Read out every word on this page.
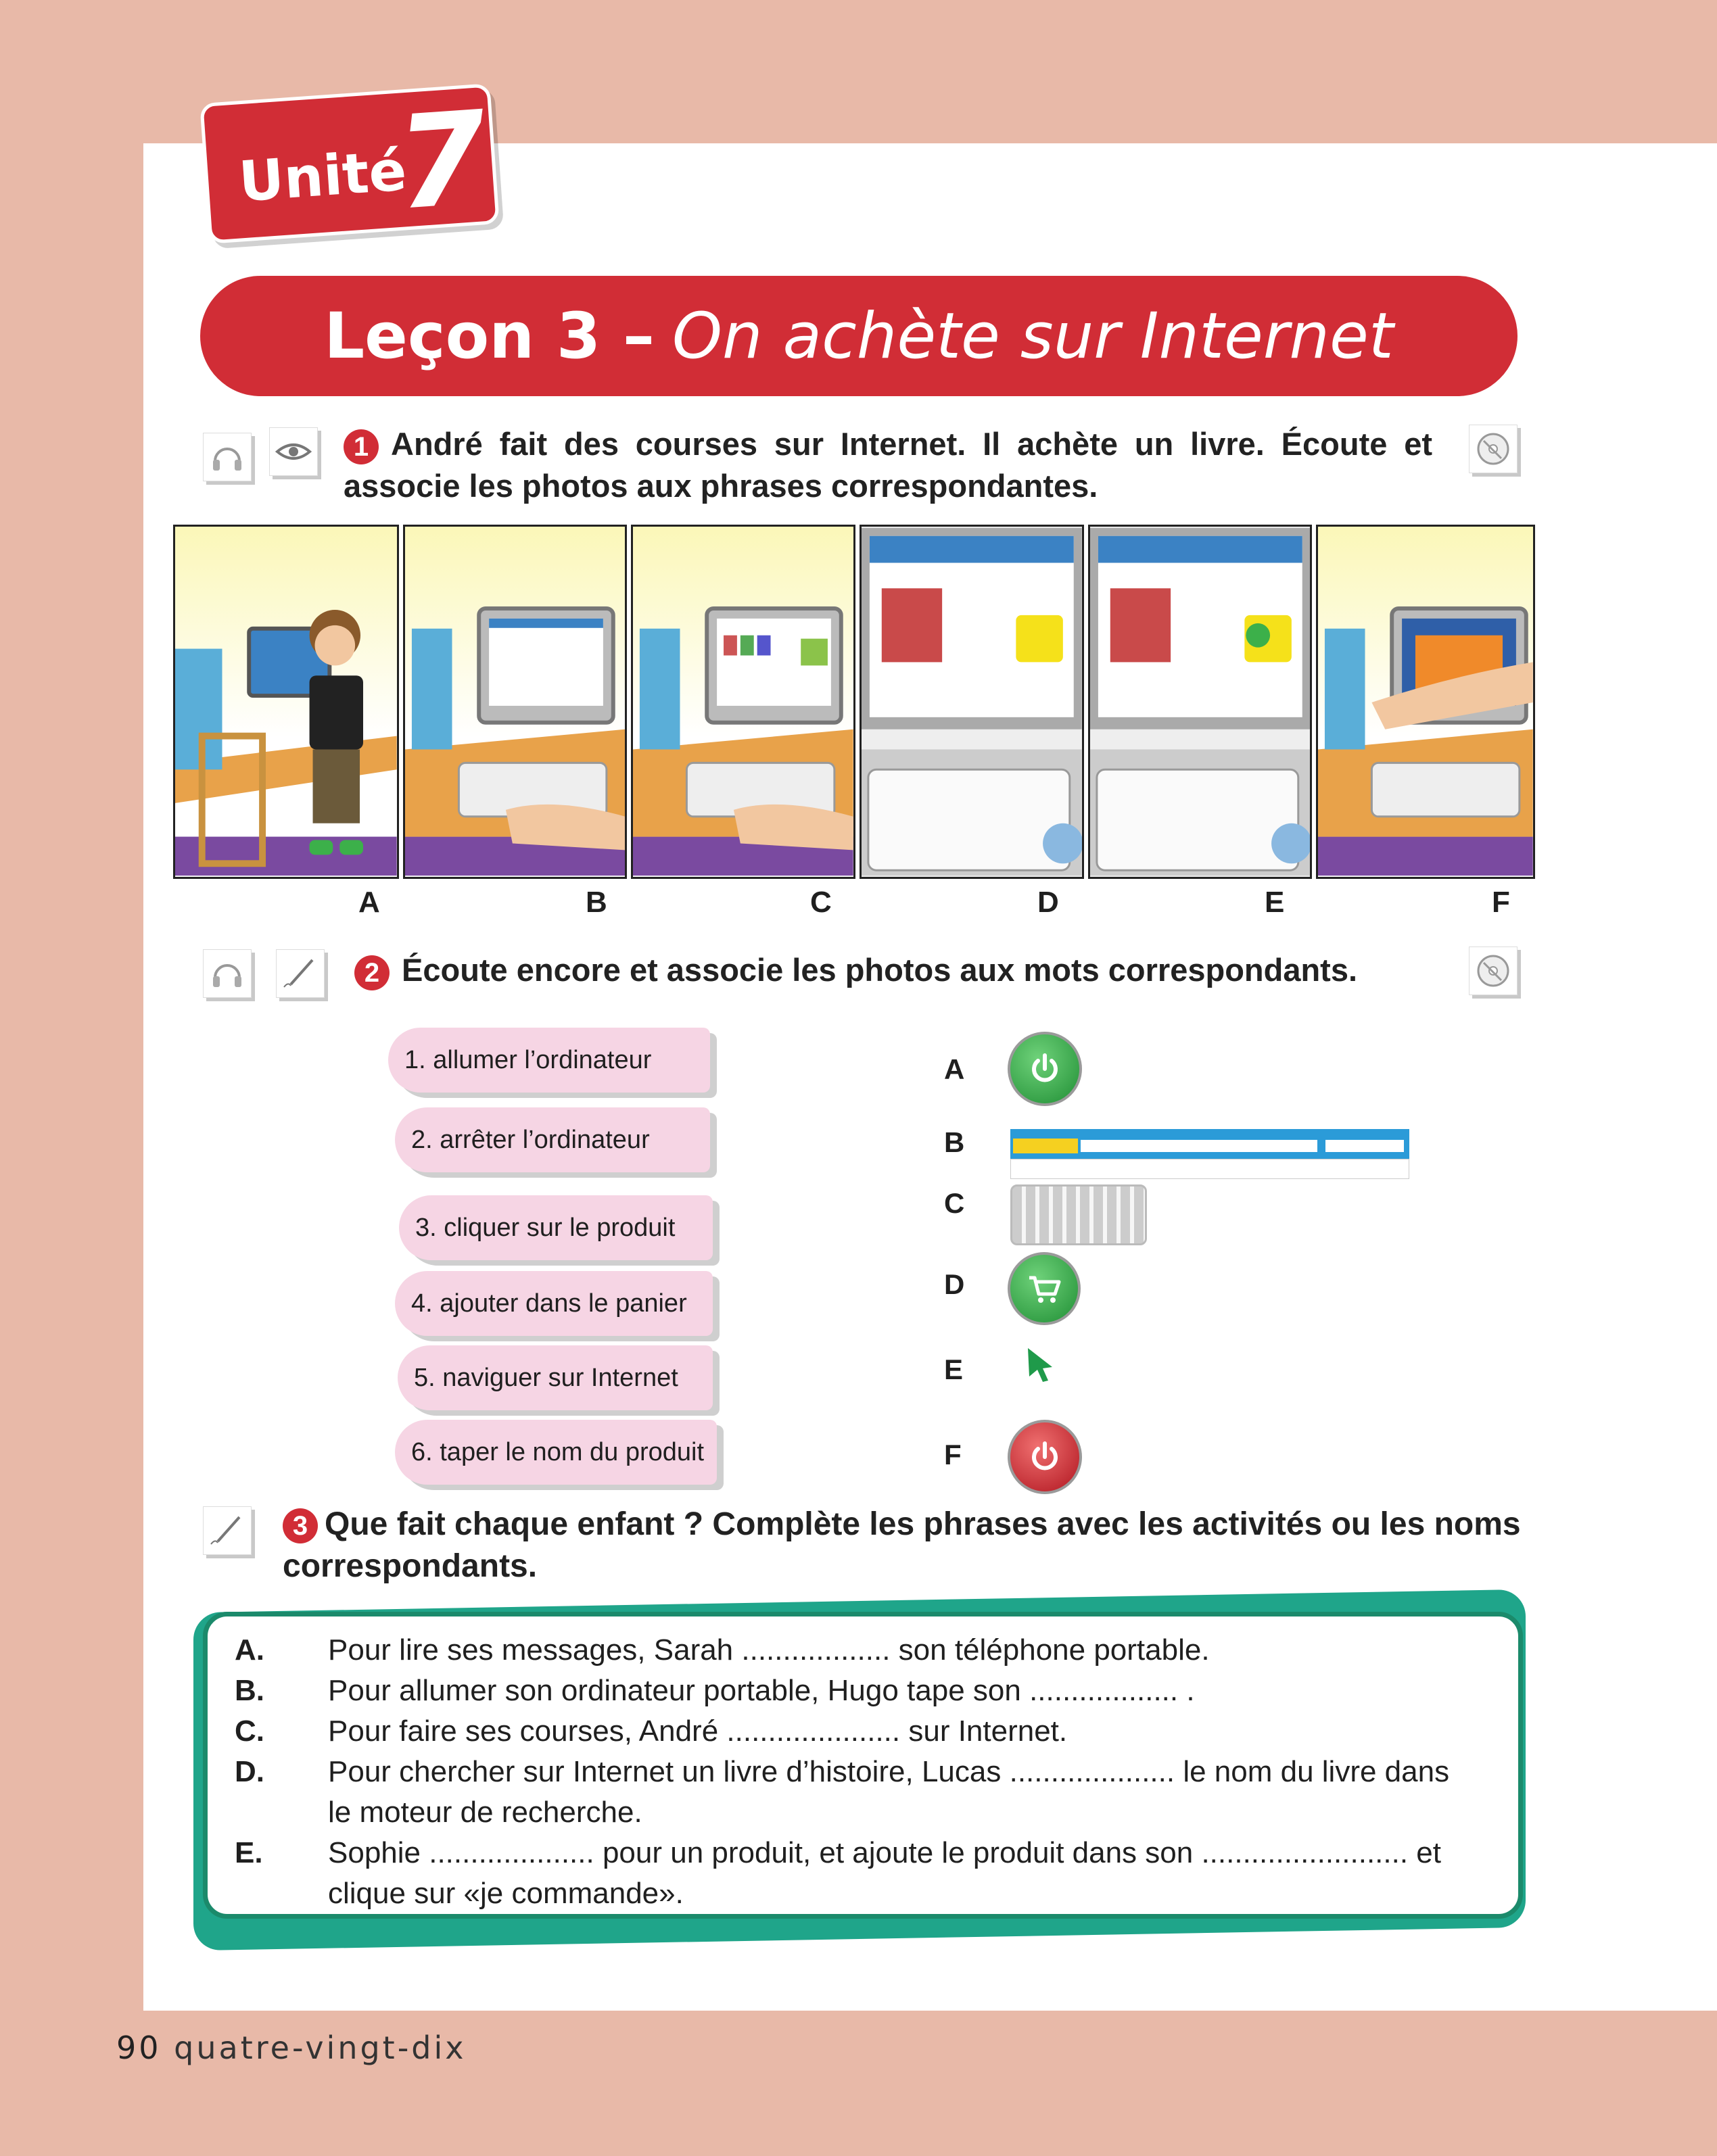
Unité
7
Leçon 3 – On achète sur Internet
1 André fait des courses sur Internet. Il achète un livre. Écoute et associe les photos aux phrases correspondantes.
A	B	C	D	E	F
2 Écoute encore et associe les photos aux mots correspondants.
1. allumer l’ordinateur
2. arrêter l’ordinateur
3. cliquer sur le produit
4. ajouter dans le panier
5. naviguer sur Internet
6. taper le nom du produit
A
B
C
D
E
F
3 Que fait chaque enfant ? Complète les phrases avec les activités ou les noms correspondants.
A. Pour lire ses messages, Sarah .................. son téléphone portable.
B. Pour allumer son ordinateur portable, Hugo tape son .................. .
C. Pour faire ses courses, André ..................... sur Internet.
D. Pour chercher sur Internet un livre d’histoire, Lucas .................... le nom du livre dans le moteur de recherche.
E. Sophie .................... pour un produit, et ajoute le produit dans son ......................... et clique sur «je commande».
90 quatre-vingt-dix
